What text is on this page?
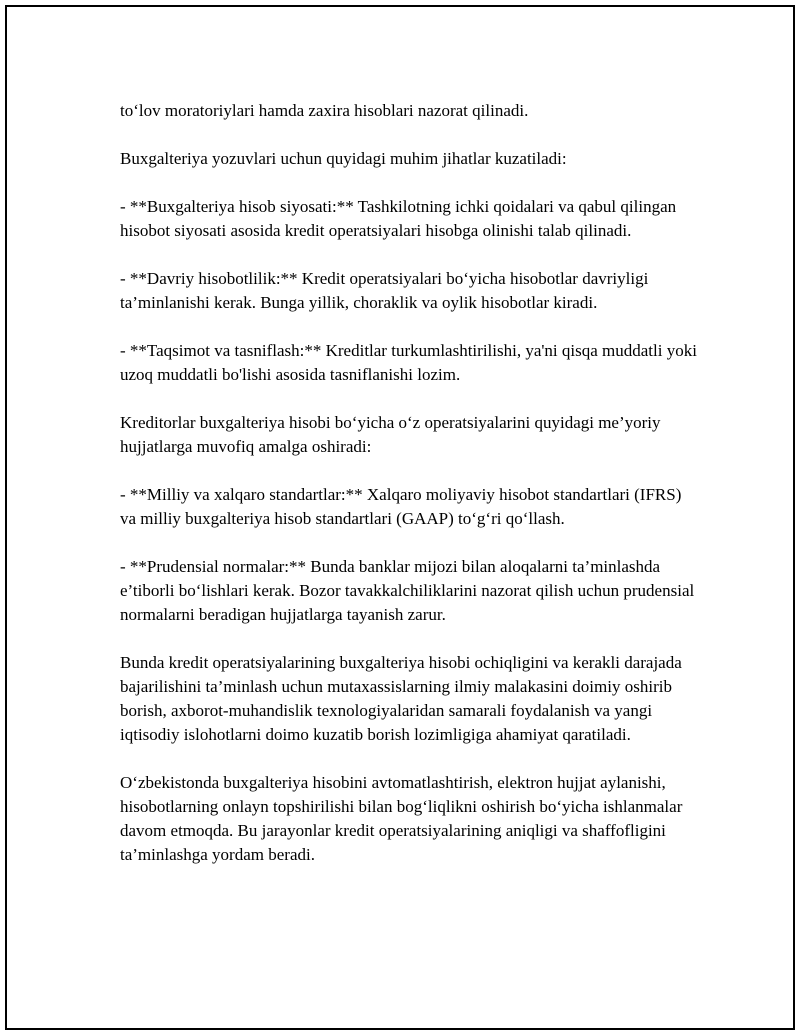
to‘lov moratoriylari hamda zaxira hisoblari nazorat qilinadi.

Buxgalteriya yozuvlari uchun quyidagi muhim jihatlar kuzatiladi:

- **Buxgalteriya hisob siyosati:** Tashkilotning ichki qoidalari va qabul qilingan hisobot siyosati asosida kredit operatsiyalari hisobga olinishi talab qilinadi.

- **Davriy hisobotlilik:** Kredit operatsiyalari bo‘yicha hisobotlar davriyligi ta’minlanishi kerak. Bunga yillik, choraklik va oylik hisobotlar kiradi.

- **Taqsimot va tasniflash:** Kreditlar turkumlashtirilishi, ya'ni qisqa muddatli yoki uzoq muddatli bo'lishi asosida tasniflanishi lozim.

Kreditorlar buxgalteriya hisobi bo‘yicha o‘z operatsiyalarini quyidagi me’yoriy hujjatlarga muvofiq amalga oshiradi:

- **Milliy va xalqaro standartlar:** Xalqaro moliyaviy hisobot standartlari (IFRS) va milliy buxgalteriya hisob standartlari (GAAP) to‘g‘ri qo‘llash.

- **Prudensial normalar:** Bunda banklar mijozi bilan aloqalarni ta’minlashda e’tiborli bo‘lishlari kerak. Bozor tavakkalchiliklarini nazorat qilish uchun prudensial normalarni beradigan hujjatlarga tayanish zarur.

Bunda kredit operatsiyalarining buxgalteriya hisobi ochiqligini va kerakli darajada bajarilishini ta’minlash uchun mutaxassislarning ilmiy malakasini doimiy oshirib borish, axborot-muhandislik texnologiyalaridan samarali foydalanish va yangi iqtisodiy islohotlarni doimo kuzatib borish lozimligiga ahamiyat qaratiladi.

O‘zbekistonda buxgalteriya hisobini avtomatlashtirish, elektron hujjat aylanishi, hisobotlarning onlayn topshirilishi bilan bog‘liqlikni oshirish bo‘yicha ishlanmalar davom etmoqda. Bu jarayonlar kredit operatsiyalarining aniqligi va shaffofligini ta’minlashga yordam beradi.
